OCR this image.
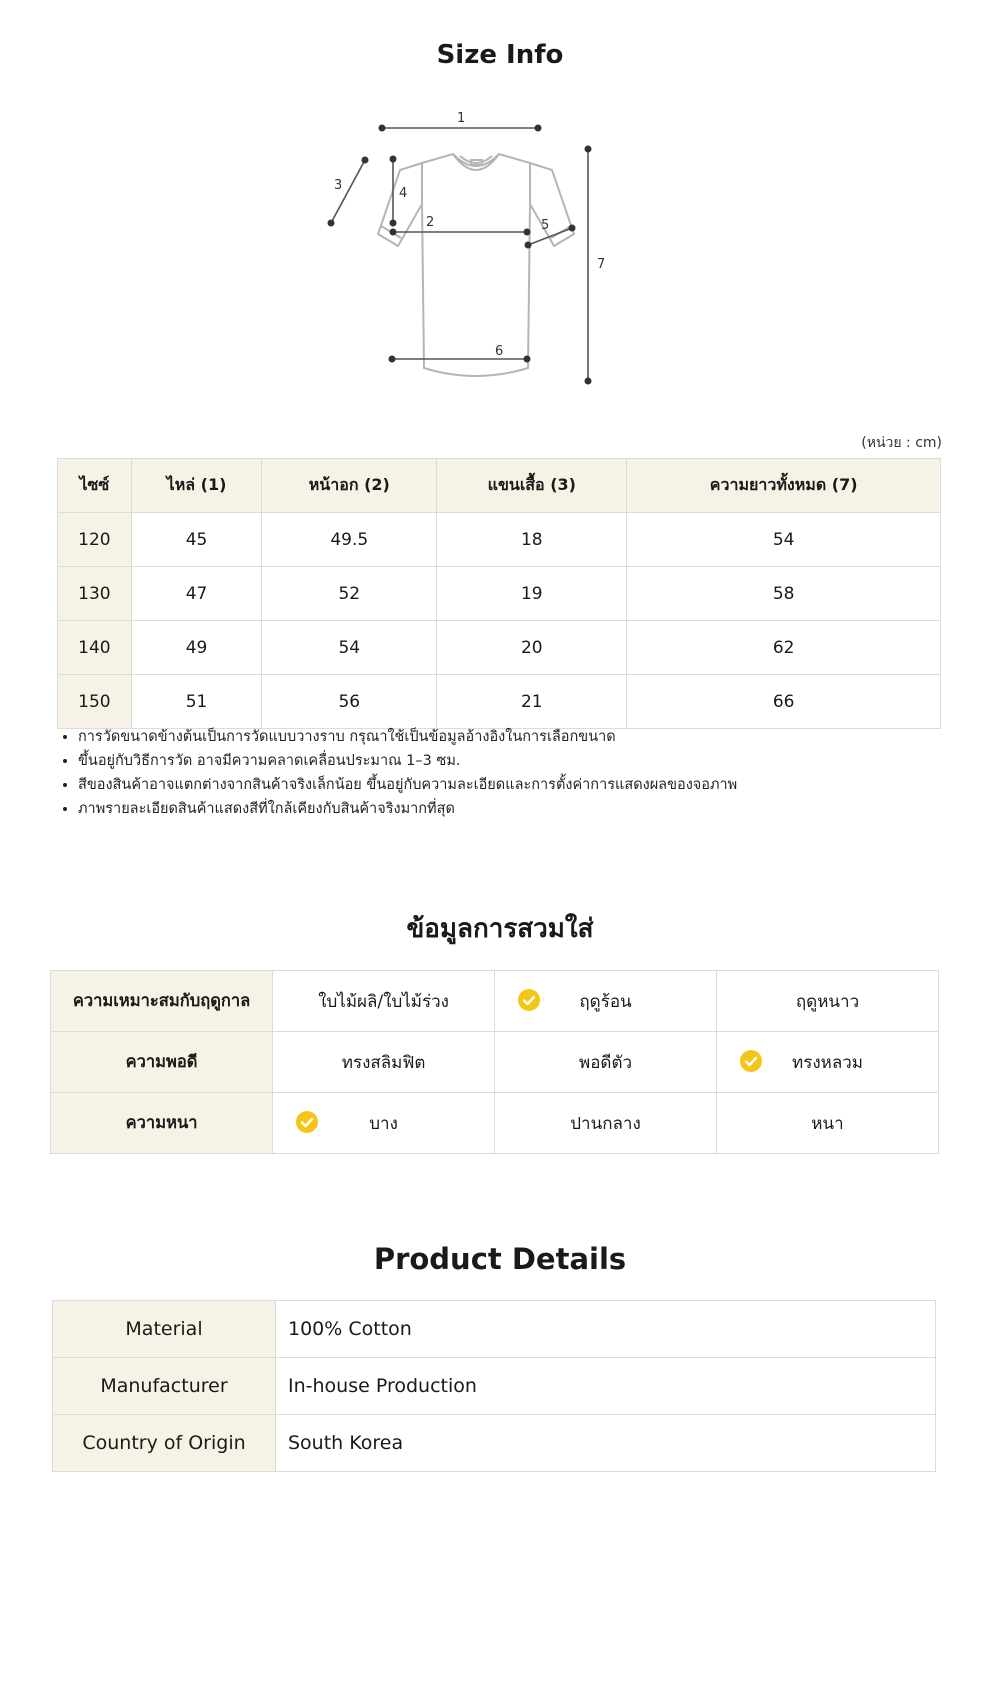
Size Info
1
2
3
4
5
6
7
(หน่วย : cm)
ไซซ์	ไหล่ (1)	หน้าอก (2)	แขนเสื้อ (3)	ความยาวทั้งหมด (7)
120	45	49.5	18	54
130	47	52	19	58
140	49	54	20	62
150	51	56	21	66
• การวัดขนาดข้างต้นเป็นการวัดแบบวางราบ กรุณาใช้เป็นข้อมูลอ้างอิงในการเลือกขนาด
• ขึ้นอยู่กับวิธีการวัด อาจมีความคลาดเคลื่อนประมาณ 1–3 ซม.
• สีของสินค้าอาจแตกต่างจากสินค้าจริงเล็กน้อย ขึ้นอยู่กับความละเอียดและการตั้งค่าการแสดงผลของจอภาพ
• ภาพรายละเอียดสินค้าแสดงสีที่ใกล้เคียงกับสินค้าจริงมากที่สุด
ข้อมูลการสวมใส่
ความเหมาะสมกับฤดูกาล	ใบไม้ผลิ/ใบไม้ร่วง	ฤดูร้อน	ฤดูหนาว
ความพอดี	ทรงสลิมฟิต	พอดีตัว	ทรงหลวม
ความหนา	บาง	ปานกลาง	หนา
Product Details
Material	100% Cotton
Manufacturer	In-house Production
Country of Origin	South Korea
